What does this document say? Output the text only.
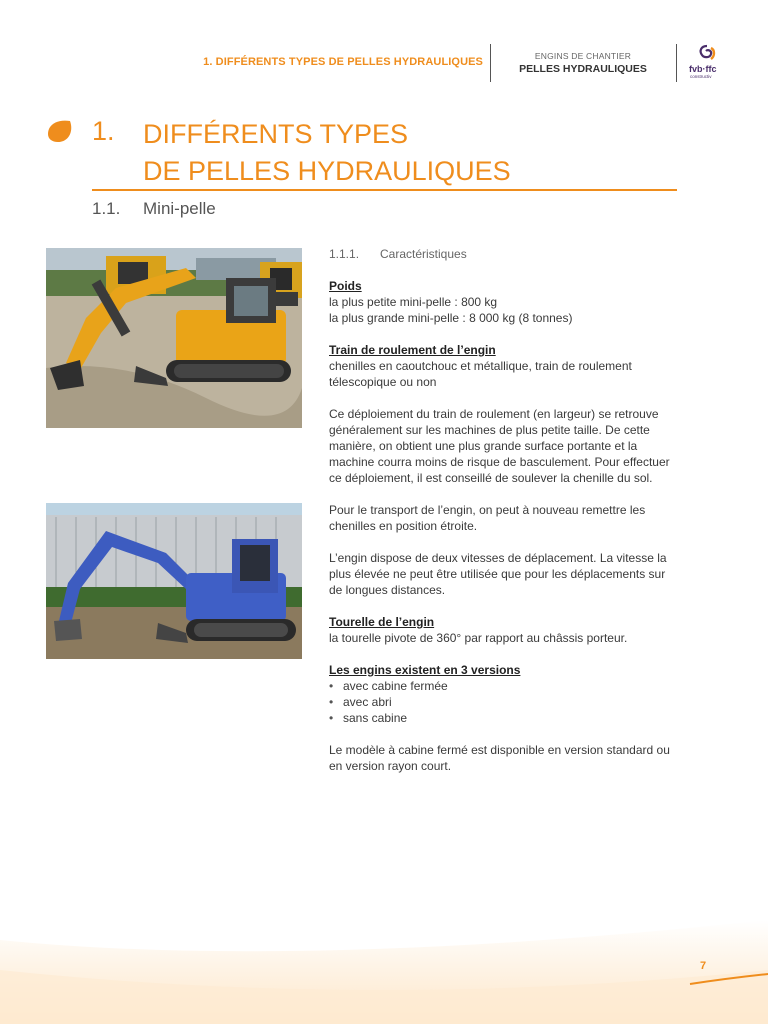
1. DIFFÉRENTS TYPES DE PELLES HYDRAULIQUES	ENGINS DE CHANTIER
PELLES HYDRAULIQUES	fvb·ffc
constructiv
1. DIFFÉRENTS TYPES
DE PELLES HYDRAULIQUES
1.1. Mini-pelle
1.1.1. Caractéristiques
Poids

la plus petite mini-pelle : 800 kg

la plus grande mini-pelle : 8 000 kg (8 tonnes)

Train de roulement de l’engin

chenilles en caoutchouc et métallique, train de roulement télescopique ou non

Ce déploiement du train de roulement (en largeur) se retrouve généralement sur les machines de plus petite taille. De cette manière, on obtient une plus grande surface portante et la machine courra moins de risque de basculement. Pour effectuer ce déploiement, il est conseillé de soulever la chenille du sol.

Pour le transport de l’engin, on peut à nouveau remettre les chenilles en position étroite.

L’engin dispose de deux vitesses de déplacement. La vitesse la plus élevée ne peut être utilisée que pour les déplacements sur de longues distances.

Tourelle de l’engin

la tourelle pivote de 360° par rapport au châssis porteur.

Les engins existent en 3 versions
• avec cabine fermée
• avec abri
• sans cabine

Le modèle à cabine fermé est disponible en version standard ou en version rayon court.

7
